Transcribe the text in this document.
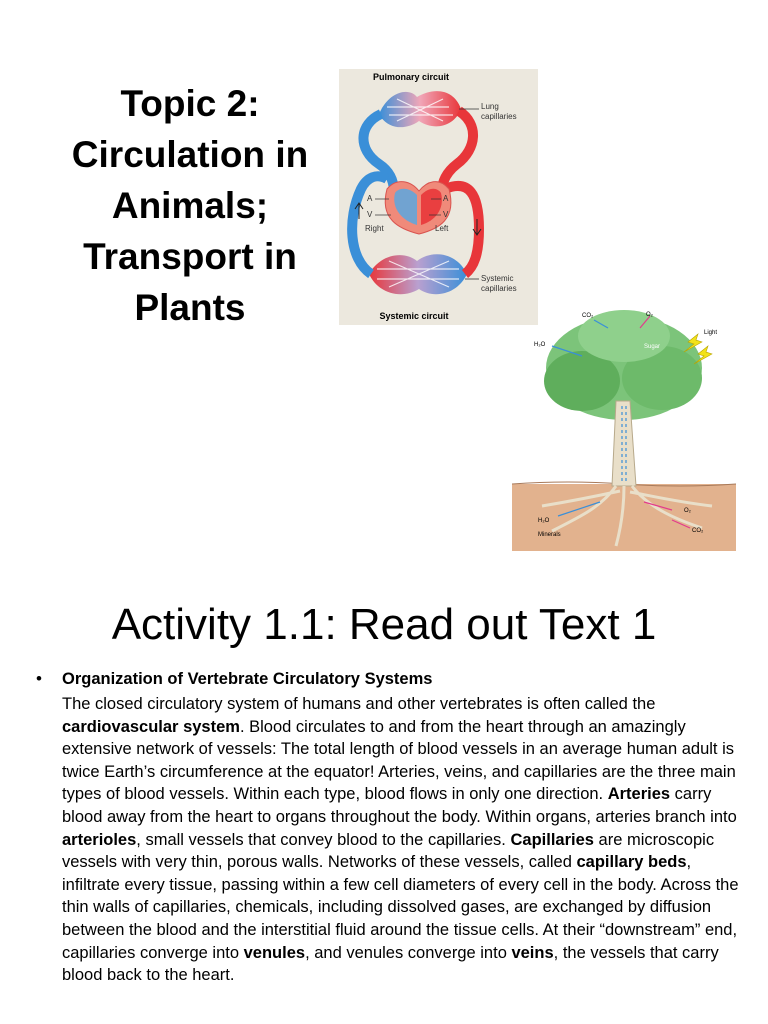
Topic 2:
Circulation in
Animals;
Transport in
Plants
Pulmonary circuit
Systemic circuit
Lung
capillaries
Systemic
capillaries
A
V
Right
A
V
Left
CO₂	O₂
Light
H₂O	Sugar
H₂O
Minerals
O₂
CO₂
Activity 1.1: Read out Text 1
• Organization of Vertebrate Circulatory Systems

The closed circulatory system of humans and other vertebrates is often called the cardiovascular system. Blood circulates to and from the heart through an amazingly extensive network of vessels: The total length of blood vessels in an average human adult is twice Earth’s circumference at the equator! Arteries, veins, and capillaries are the three main types of blood vessels. Within each type, blood flows in only one direction. Arteries carry blood away from the heart to organs throughout the body. Within organs, arteries branch into arterioles, small vessels that convey blood to the capillaries. Capillaries are microscopic vessels with very thin, porous walls. Networks of these vessels, called capillary beds, infiltrate every tissue, passing within a few cell diameters of every cell in the body. Across the thin walls of capillaries, chemicals, including dissolved gases, are exchanged by diffusion between the blood and the interstitial fluid around the tissue cells. At their “downstream” end, capillaries converge into venules, and venules converge into veins, the vessels that carry blood back to the heart.
